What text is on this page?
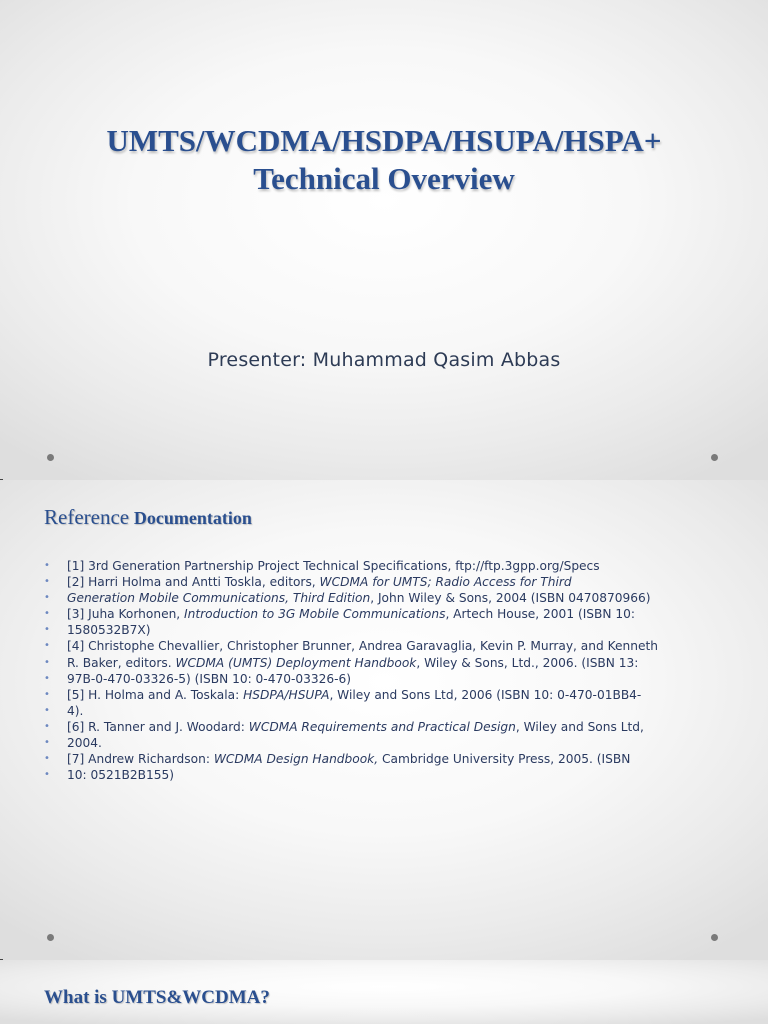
UMTS/WCDMA/HSDPA/HSUPA/HSPA+
Technical Overview
Presenter: Muhammad Qasim Abbas
Reference Documentation
• [1] 3rd Generation Partnership Project Technical Specifications, ftp://ftp.3gpp.org/Specs
• [2] Harri Holma and Antti Toskla, editors, WCDMA for UMTS; Radio Access for Third
• Generation Mobile Communications, Third Edition, John Wiley & Sons, 2004 (ISBN 0470870966)
• [3] Juha Korhonen, Introduction to 3G Mobile Communications, Artech House, 2001 (ISBN 10:
• 1580532B7X)
• [4] Christophe Chevallier, Christopher Brunner, Andrea Garavaglia, Kevin P. Murray, and Kenneth
• R. Baker, editors. WCDMA (UMTS) Deployment Handbook, Wiley & Sons, Ltd., 2006. (ISBN 13:
• 97B-0-470-03326-5) (ISBN 10: 0-470-03326-6)
• [5] H. Holma and A. Toskala: HSDPA/HSUPA, Wiley and Sons Ltd, 2006 (ISBN 10: 0-470-01BB4-
• 4).
• [6] R. Tanner and J. Woodard: WCDMA Requirements and Practical Design, Wiley and Sons Ltd,
• 2004.
• [7] Andrew Richardson: WCDMA Design Handbook, Cambridge University Press, 2005. (ISBN
• 10: 0521B2B155)
What is UMTS&WCDMA?
